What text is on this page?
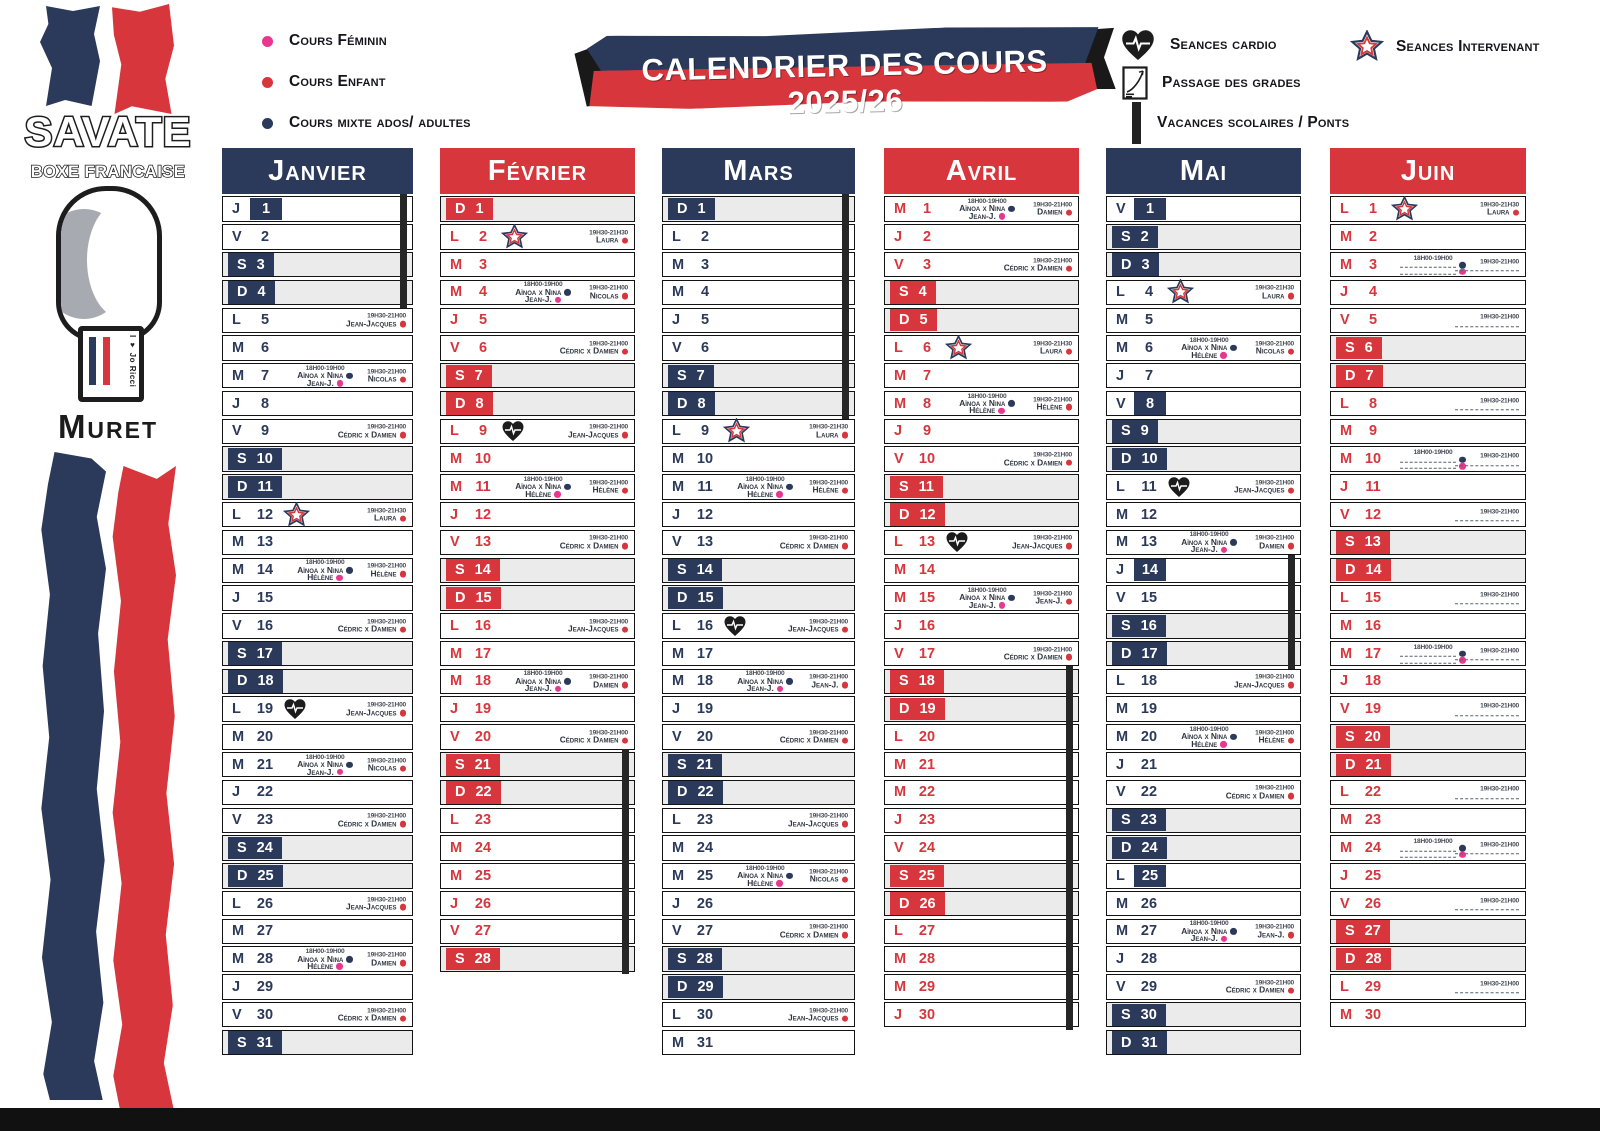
SAVATE
BOXE FRANCAISE
I ♥ Jo Ricci
Muret
CALENDRIER DES COURS 2025/26
Cours Féminin
Cours Enfant
Cours mixte ados/ adultes
Seances cardio
Passage des grades
Vacances scolaires / Ponts
Seances Intervenant
Janvier
J	1
V	2
S 3
D 4
L	5	19H30-21H00
Jean-Jacques
M	6
M	7	18H00-19H00
Aïnoa x Nina
Jean-J.
19H30-21H00
Nicolas
J	8
V	9	19H30-21H00
Cédric x Damien
S 10
D 11
L	12	19H30-21H30
Laura
M 13
M 14	18H00-19H00
Aïnoa x Nina
Hélène
19H30-21H00
Hélène
J	15
V	16	19H30-21H00
Cédric x Damien
S 17
D 18
L	19	19H30-21H00
Jean-Jacques
M 20
M 21	18H00-19H00
Aïnoa x Nina
Jean-J.
19H30-21H00
Nicolas
J	22
V	23	19H30-21H00
Cédric x Damien
S 24
D 25
L	26	19H30-21H00
Jean-Jacques
M 27
M 28	18H00-19H00
Aïnoa x Nina
Hélène
19H30-21H00
Damien
J	29
V	30	19H30-21H00
Cédric x Damien
S 31
Février
D 1
L	2	19H30-21H30
Laura
M	3
M	4	18H00-19H00
Aïnoa x Nina
Jean-J.
19H30-21H00
Nicolas
J	5
V	6	19H30-21H00
Cédric x Damien
S 7
D 8
L	9	19H30-21H00
Jean-Jacques
M 10
M 11	18H00-19H00
Aïnoa x Nina
Hélène
19H30-21H00
Hélène
J	12
V	13	19H30-21H00
Cédric x Damien
S 14
D 15
L	16	19H30-21H00
Jean-Jacques
M 17
M 18	18H00-19H00
Aïnoa x Nina
Jean-J.
19H30-21H00
Damien
J	19
V	20	19H30-21H00
Cédric x Damien
S 21
D 22
L	23
M 24
M 25
J	26
V	27
S 28
Mars
D 1
L	2
M	3
M	4
J	5
V	6
S 7
D 8
L	9	19H30-21H30
Laura
M 10
M 11	18H00-19H00
Aïnoa x Nina
Hélène
19H30-21H00
Hélène
J	12
V	13	19H30-21H00
Cédric x Damien
S 14
D 15
L	16	19H30-21H00
Jean-Jacques
M 17
M 18	18H00-19H00
Aïnoa x Nina
Jean-J.
19H30-21H00
Jean-J.
J	19
V	20	19H30-21H00
Cédric x Damien
S 21
D 22
L	23	19H30-21H00
Jean-Jacques
M 24
M 25	18H00-19H00
Aïnoa x Nina
Hélène
19H30-21H00
Nicolas
J	26
V	27	19H30-21H00
Cédric x Damien
S 28
D 29
L	30	19H30-21H00
Jean-Jacques
M 31
Avril
M	1	18H00-19H00
Aïnoa x Nina
Jean-J.
19H30-21H00
Damien
J	2
V	3	19H30-21H00
Cédric x Damien
S 4
D 5
L	6	19H30-21H30
Laura
M	7
M	8	18H00-19H00
Aïnoa x Nina
Hélène
19H30-21H00
Hélène
J	9
V	10	19H30-21H00
Cédric x Damien
S 11
D 12
L	13	19H30-21H00
Jean-Jacques
M 14
M 15	18H00-19H00
Aïnoa x Nina
Jean-J.
19H30-21H00
Jean-J.
J	16
V	17	19H30-21H00
Cédric x Damien
S 18
D 19
L	20
M 21
M 22
J	23
V	24
S 25
D 26
L	27
M 28
M 29
J	30
Mai
V	1
S 2
D 3
L	4	19H30-21H30
Laura
M	5
M	6	18H00-19H00
Aïnoa x Nina
Hélène
19H30-21H00
Nicolas
J	7
V	8
S 9
D 10
L	11	19H30-21H00
Jean-Jacques
M 12
M 13	18H00-19H00
Aïnoa x Nina
Jean-J.
19H30-21H00
Damien
J	14
V	15
S 16
D 17
L	18	19H30-21H00
Jean-Jacques
M 19
M 20	18H00-19H00
Aïnoa x Nina
Hélène
19H30-21H00
Hélène
J	21
V	22	19H30-21H00
Cédric x Damien
S 23
D 24
L	25
M 26
M 27	18H00-19H00
Aïnoa x Nina
Jean-J.
19H30-21H00
Jean-J.
J	28
V	29	19H30-21H00
Cédric x Damien
S 30
D 31
Juin
L	1	19H30-21H30
Laura
M	2
M	3	18H00-19H00	19H30-21H00
J	4
V	5	19H30-21H00
S 6
D 7
L	8	19H30-21H00
M	9
M 10	18H00-19H00	19H30-21H00
J	11
V	12	19H30-21H00
S 13
D 14
L	15	19H30-21H00
M 16
M 17	18H00-19H00	19H30-21H00
J	18
V	19	19H30-21H00
S 20
D 21
L	22	19H30-21H00
M 23
M 24	18H00-19H00	19H30-21H00
J	25
V	26	19H30-21H00
S 27
D 28
L	29	19H30-21H00
M 30
